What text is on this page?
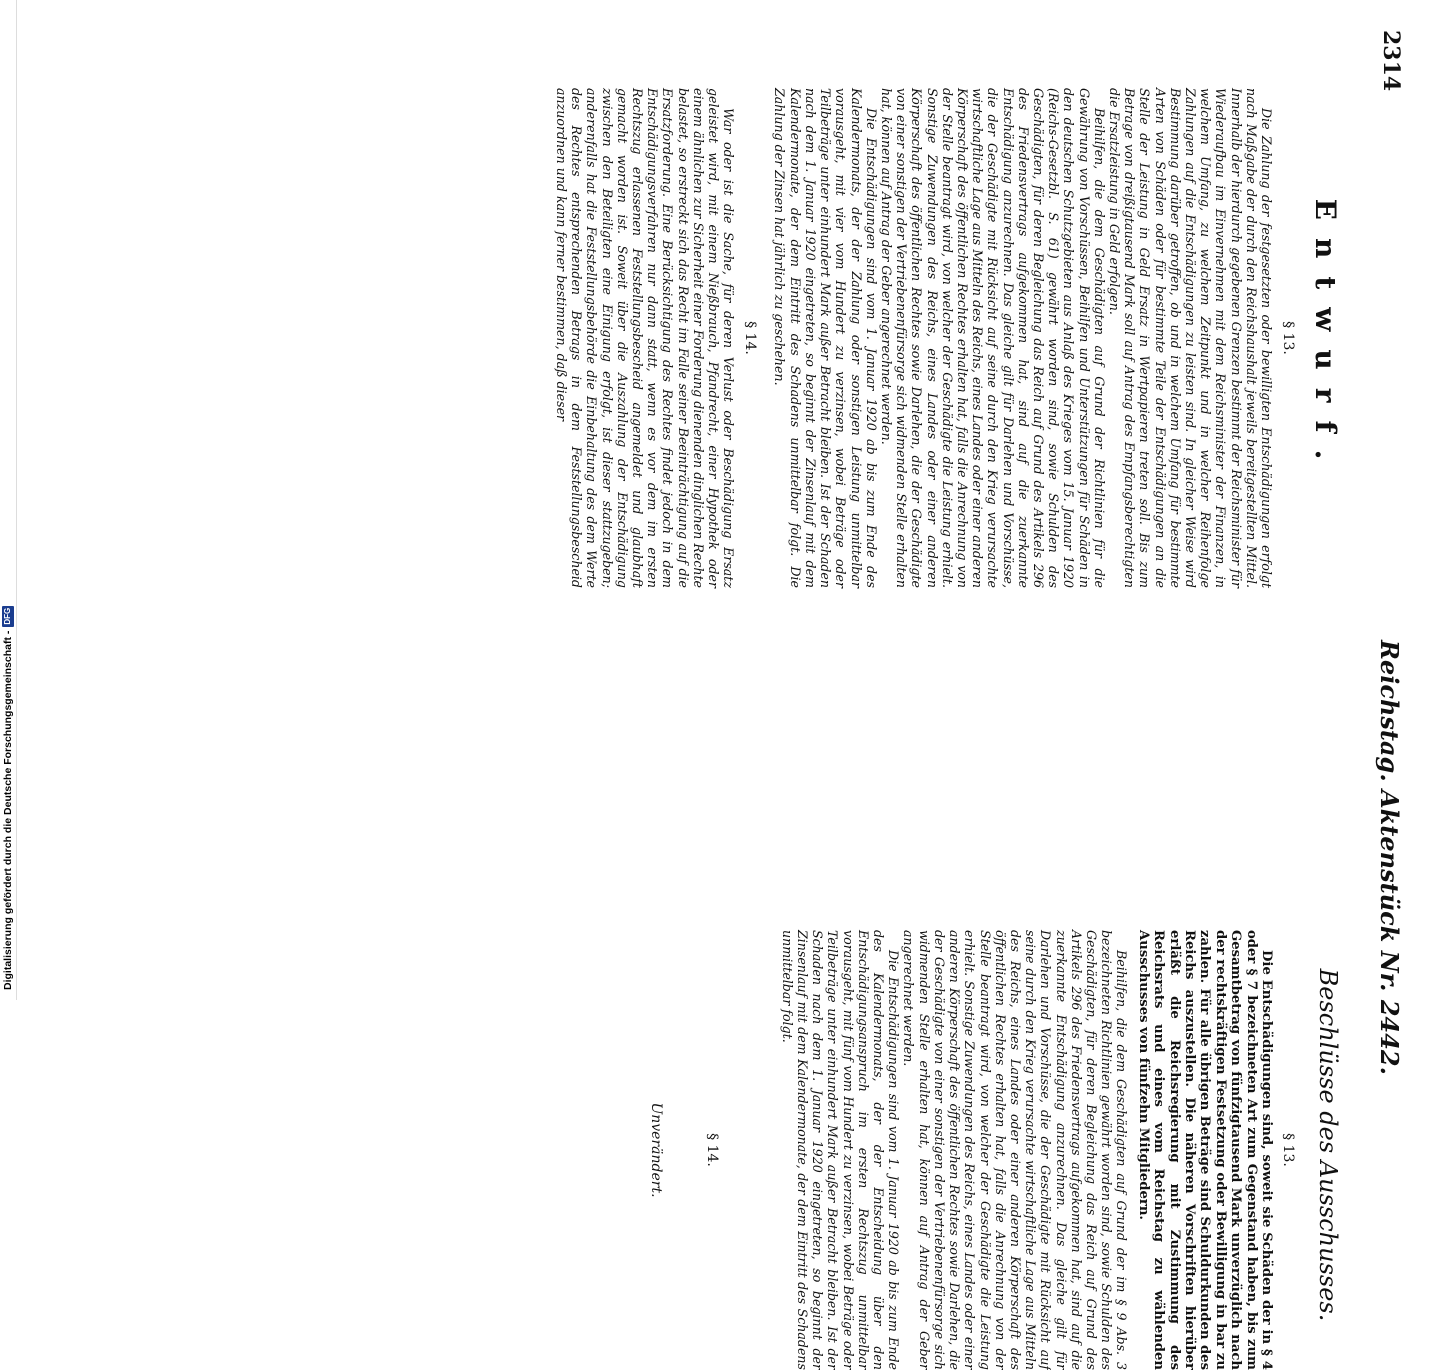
Digitalisierung gefördert durch die Deutsche Forschungsgemeinschaft -
DFG
2314
Reichstag. Aktenstück Nr. 2442.
Entwurf.
Beschlüsse des Ausschusses.
§ 13.

Die Zahlung der festgesetzten oder bewilligten Entschädigungen erfolgt nach Maßgabe der durch den Reichshaushalt jeweils bereitgestellten Mittel. Innerhalb der hierdurch gegebenen Grenzen bestimmt der Reichsminister für Wiederaufbau im Einvernehmen mit dem Reichsminister der Finanzen, in welchem Umfang, zu welchem Zeitpunkt und in welcher Reihenfolge Zahlungen auf die Entschädigungen zu leisten sind. In gleicher Weise wird Bestimmung darüber getroffen, ob und in welchem Umfang für bestimmte Arten von Schäden oder für bestimmte Teile der Entschädigungen an die Stelle der Leistung in Geld Ersatz in Wertpapieren treten soll. Bis zum Betrage von dreißigtausend Mark soll auf Antrag des Empfangsberechtigten die Ersatzleistung in Geld erfolgen.

Beihilfen, die dem Geschädigten auf Grund der Richtlinien für die Gewährung von Vorschüssen, Beihilfen und Unterstützungen für Schäden in den deutschen Schutzgebieten aus Anlaß des Krieges vom 15. Januar 1920 (Reichs-Gesetzbl. S. 61) gewährt worden sind, sowie Schulden des Geschädigten, für deren Begleichung das Reich auf Grund des Artikels 296 des Friedensvertrags aufgekommen hat, sind auf die zuerkannte Entschädigung anzurechnen. Das gleiche gilt für Darlehen und Vorschüsse, die der Geschädigte mit Rücksicht auf seine durch den Krieg verursachte wirtschaftliche Lage aus Mitteln des Reichs, eines Landes oder einer anderen Körperschaft des öffentlichen Rechtes erhalten hat, falls die Anrechnung von der Stelle beantragt wird, von welcher der Geschädigte die Leistung erhielt. Sonstige Zuwendungen des Reichs, eines Landes oder einer anderen Körperschaft des öffentlichen Rechtes sowie Darlehen, die der Geschädigte von einer sonstigen der Vertriebenenfürsorge sich widmenden Stelle erhalten hat, können auf Antrag der Geber angerechnet werden.

Die Entschädigungen sind vom 1. Januar 1920 ab bis zum Ende des Kalendermonats, der der Zahlung oder sonstigen Leistung unmittelbar vorausgeht, mit vier vom Hundert zu verzinsen, wobei Beträge oder Teilbeträge unter einhundert Mark außer Betracht bleiben. Ist der Schaden nach dem 1. Januar 1920 eingetreten, so beginnt der Zinsenlauf mit dem Kalendermonate, der dem Eintritt des Schadens unmittelbar folgt. Die Zahlung der Zinsen hat jährlich zu geschehen.

§ 14.

War oder ist die Sache, für deren Verlust oder Beschädigung Ersatz geleistet wird, mit einem Nießbrauch, Pfandrecht, einer Hypothek oder einem ähnlichen zur Sicherheit einer Forderung dienenden dinglichen Rechte belastet, so erstreckt sich das Recht im Falle seiner Beeinträchtigung auf die Ersatzforderung. Eine Berücksichtigung des Rechtes findet jedoch in dem Entschädigungsverfahren nur dann statt, wenn es vor dem im ersten Rechtszug erlassenen Feststellungsbescheid angemeldet und glaubhaft gemacht worden ist. Soweit über die Auszahlung der Entschädigung zwischen den Beteiligten eine Einigung erfolgt, ist dieser stattzugeben; anderenfalls hat die Feststellungsbehörde die Einbehaltung des dem Werte des Rechtes entsprechenden Betrags in dem Feststellungsbescheid anzuordnen und kann ferner bestimmen, daß dieser

§ 13.

Die Entschädigungen sind, soweit sie Schäden der in § 4 oder § 7 bezeichneten Art zum Gegenstand haben, bis zum Gesamtbetrag von fünfzigtausend Mark unverzüglich nach der rechtskräftigen Festsetzung oder Bewilligung in bar zu zahlen. Für alle übrigen Beträge sind Schuldurkunden des Reichs auszustellen. Die näheren Vorschriften hierüber erläßt die Reichsregierung mit Zustimmung des Reichsrats und eines vom Reichstag zu wählenden Ausschusses von fünfzehn Mitgliedern.

Beihilfen, die dem Geschädigten auf Grund der im § 9 Abs. 3 bezeichneten Richtlinien gewährt worden sind, sowie Schulden des Geschädigten, für deren Begleichung das Reich auf Grund des Artikels 296 des Friedensvertrags aufgekommen hat, sind auf die zuerkannte Entschädigung anzurechnen. Das gleiche gilt für Darlehen und Vorschüsse, die der Geschädigte mit Rücksicht auf seine durch den Krieg verursachte wirtschaftliche Lage aus Mitteln des Reichs, eines Landes oder einer anderen Körperschaft des öffentlichen Rechtes erhalten hat, falls die Anrechnung von der Stelle beantragt wird, von welcher der Geschädigte die Leistung erhielt. Sonstige Zuwendungen des Reichs, eines Landes oder einer anderen Körperschaft des öffentlichen Rechtes sowie Darlehen, die der Geschädigte von einer sonstigen der Vertriebenenfürsorge sich widmenden Stelle erhalten hat, können auf Antrag der Geber angerechnet werden.

Die Entschädigungen sind vom 1. Januar 1920 ab bis zum Ende des Kalendermonats, der der Entscheidung über den Entschädigungsanspruch im ersten Rechtszug unmittelbar vorausgeht, mit fünf vom Hundert zu verzinsen, wobei Beträge oder Teilbeträge unter einhundert Mark außer Betracht bleiben. Ist der Schaden nach dem 1. Januar 1920 eingetreten, so beginnt der Zinsenlauf mit dem Kalendermonate, der dem Eintritt des Schadens unmittelbar folgt.

§ 14.
Unverändert.
